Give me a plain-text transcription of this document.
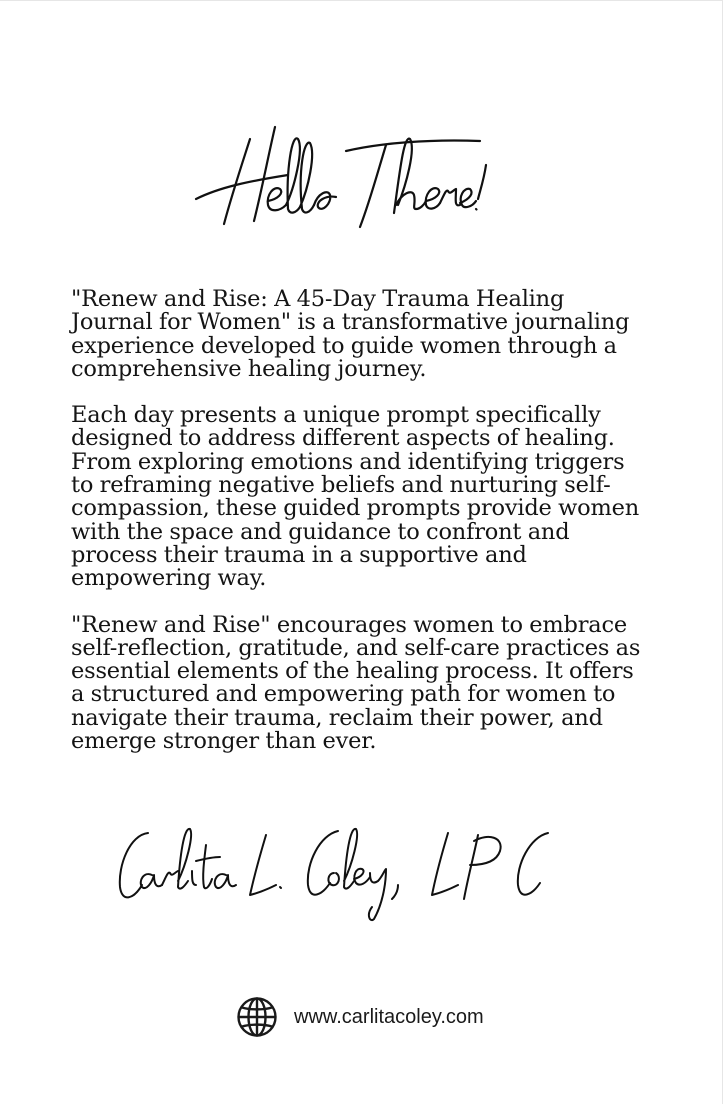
"Renew and Rise: A 45-Day Trauma Healing Journal for Women" is a transformative journaling experience developed to guide women through a comprehensive healing journey.

Each day presents a unique prompt specifically designed to address different aspects of healing. From exploring emotions and identifying triggers to reframing negative beliefs and nurturing self-compassion, these guided prompts provide women with the space and guidance to confront and process their trauma in a supportive and empowering way.

"Renew and Rise" encourages women to embrace self-reflection, gratitude, and self-care practices as essential elements of the healing process. It offers a structured and empowering path for women to navigate their trauma, reclaim their power, and emerge stronger than ever.

www.carlitacoley.com
